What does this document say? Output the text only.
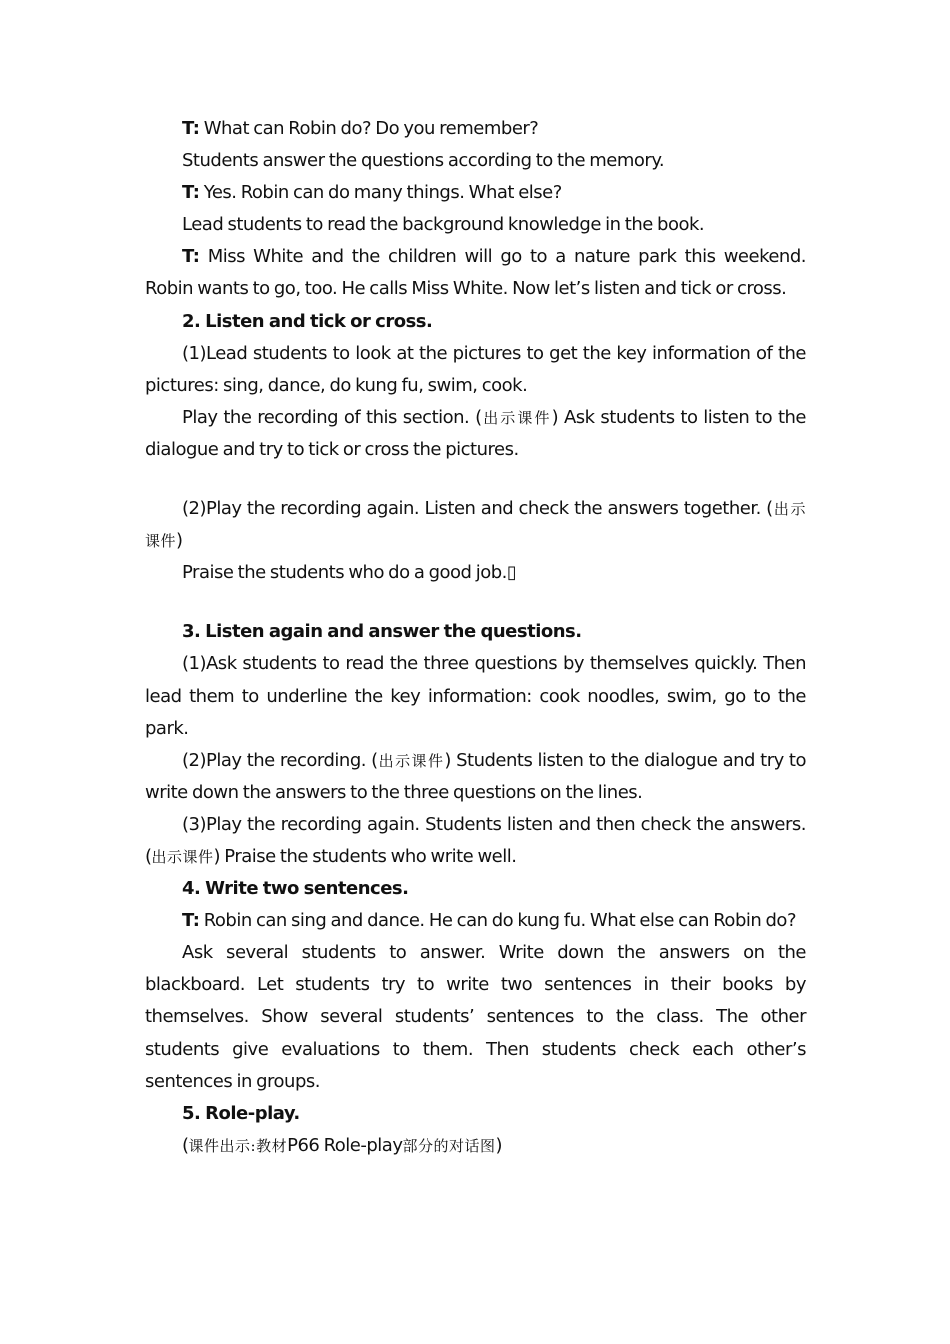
T: What can Robin do? Do you remember?

Students answer the questions according to the memory.

T: Yes. Robin can do many things. What else?

Lead students to read the background knowledge in the book.

T: Miss White and the children will go to a nature park this weekend. Robin wants to go, too. He calls Miss White. Now let’s listen and tick or cross.

2. Listen and tick or cross.

(1)Lead students to look at the pictures to get the key information of the pictures: sing, dance, do kung fu, swim, cook.

Play the recording of this section. (出示课件) Ask students to listen to the dialogue and try to tick or cross the pictures.

(2)Play the recording again. Listen and check the answers together. (出示课件)

Praise the students who do a good job.▯

3. Listen again and answer the questions.

(1)Ask students to read the three questions by themselves quickly. Then lead them to underline the key information: cook noodles, swim, go to the park.

(2)Play the recording. (出示课件) Students listen to the dialogue and try to write down the answers to the three questions on the lines.

(3)Play the recording again. Students listen and then check the answers. (出示课件) Praise the students who write well.

4. Write two sentences.

T: Robin can sing and dance. He can do kung fu. What else can Robin do?

Ask several students to answer. Write down the answers on the blackboard. Let students try to write two sentences in their books by themselves. Show several students’ sentences to the class. The other students give evaluations to them. Then students check each other’s sentences in groups.

5. Role-play.

(课件出示:教材P66 Role-play部分的对话图)
